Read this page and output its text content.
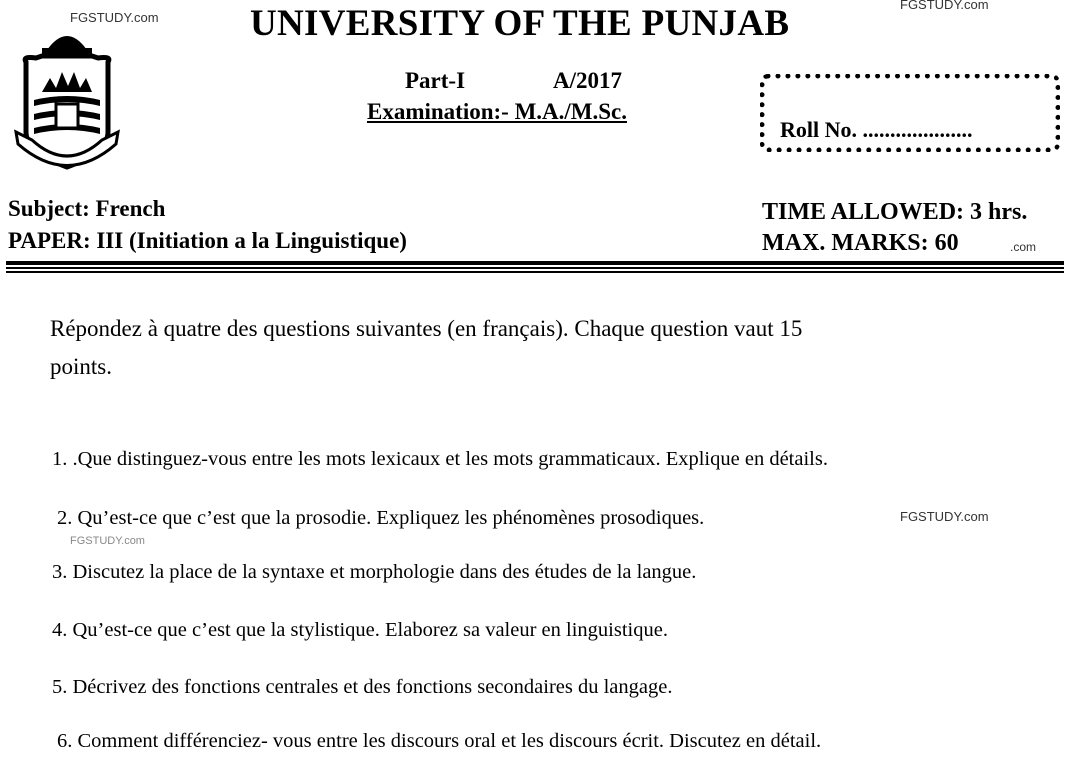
FGSTUDY.com
FGSTUDY.com
FGSTUDY.com
.com
FGSTUDY.com
UNIVERSITY OF THE PUNJAB
Part-I	A/2017
Examination:- M.A./M.Sc.
Roll No. ....................
Subject: French
PAPER: III (Initiation a la Linguistique)
TIME ALLOWED: 3 hrs.
MAX. MARKS: 60
Répondez à quatre des questions suivantes (en français). Chaque question vaut 15
points.
1. .Que distinguez-vous entre les mots lexicaux et les mots grammaticaux. Explique en détails.
2. Qu’est-ce que c’est que la prosodie. Expliquez les phénomènes prosodiques.
3. Discutez la place de la syntaxe et morphologie dans des études de la langue.
4. Qu’est-ce que c’est que la stylistique. Elaborez sa valeur en linguistique.
5. Décrivez des fonctions centrales et des fonctions secondaires du langage.
6. Comment différenciez- vous entre les discours oral et les discours écrit. Discutez en détail.
